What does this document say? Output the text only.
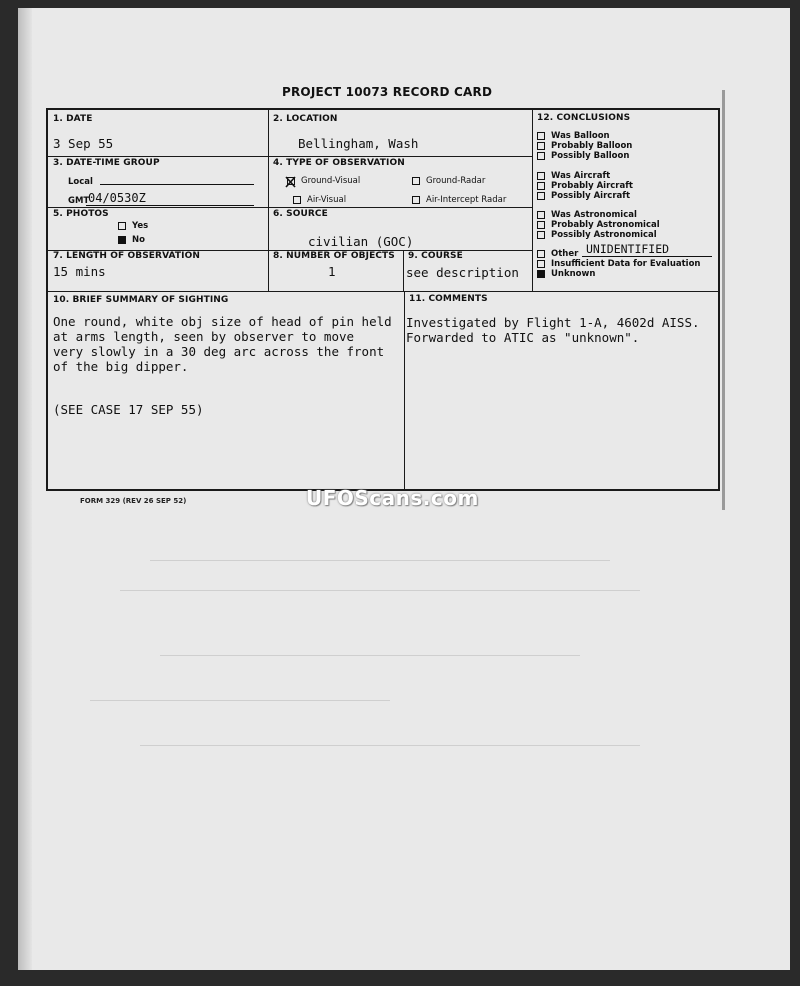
PROJECT 10073 RECORD CARD
1. DATE
3 Sep 55
2. LOCATION
Bellingham, Wash
3. DATE-TIME GROUP
Local
GMT
04/0530Z
4. TYPE OF OBSERVATION
Ground-Visual	Ground-Radar
Air-Visual	Air-Intercept Radar
5. PHOTOS
Yes
No
6. SOURCE
civilian (GOC)
7. LENGTH OF OBSERVATION
15 mins
8. NUMBER OF OBJECTS
1
9. COURSE
see description
12. CONCLUSIONS
Was Balloon
Probably Balloon
Possibly Balloon
Was Aircraft
Probably Aircraft
Possibly Aircraft
Was Astronomical
Probably Astronomical
Possibly Astronomical
Other UNIDENTIFIED
Insufficient Data for Evaluation
Unknown
10. BRIEF SUMMARY OF SIGHTING
One round, white obj size of head of pin held
at arms length, seen by observer to move
very slowly in a 30 deg arc across the front
of the big dipper.
(SEE CASE 17 SEP 55)
11. COMMENTS
Investigated by Flight 1-A, 4602d AISS.
Forwarded to ATIC as "unknown".
FORM 329 (REV 26 SEP 52)	UFOScans.com
